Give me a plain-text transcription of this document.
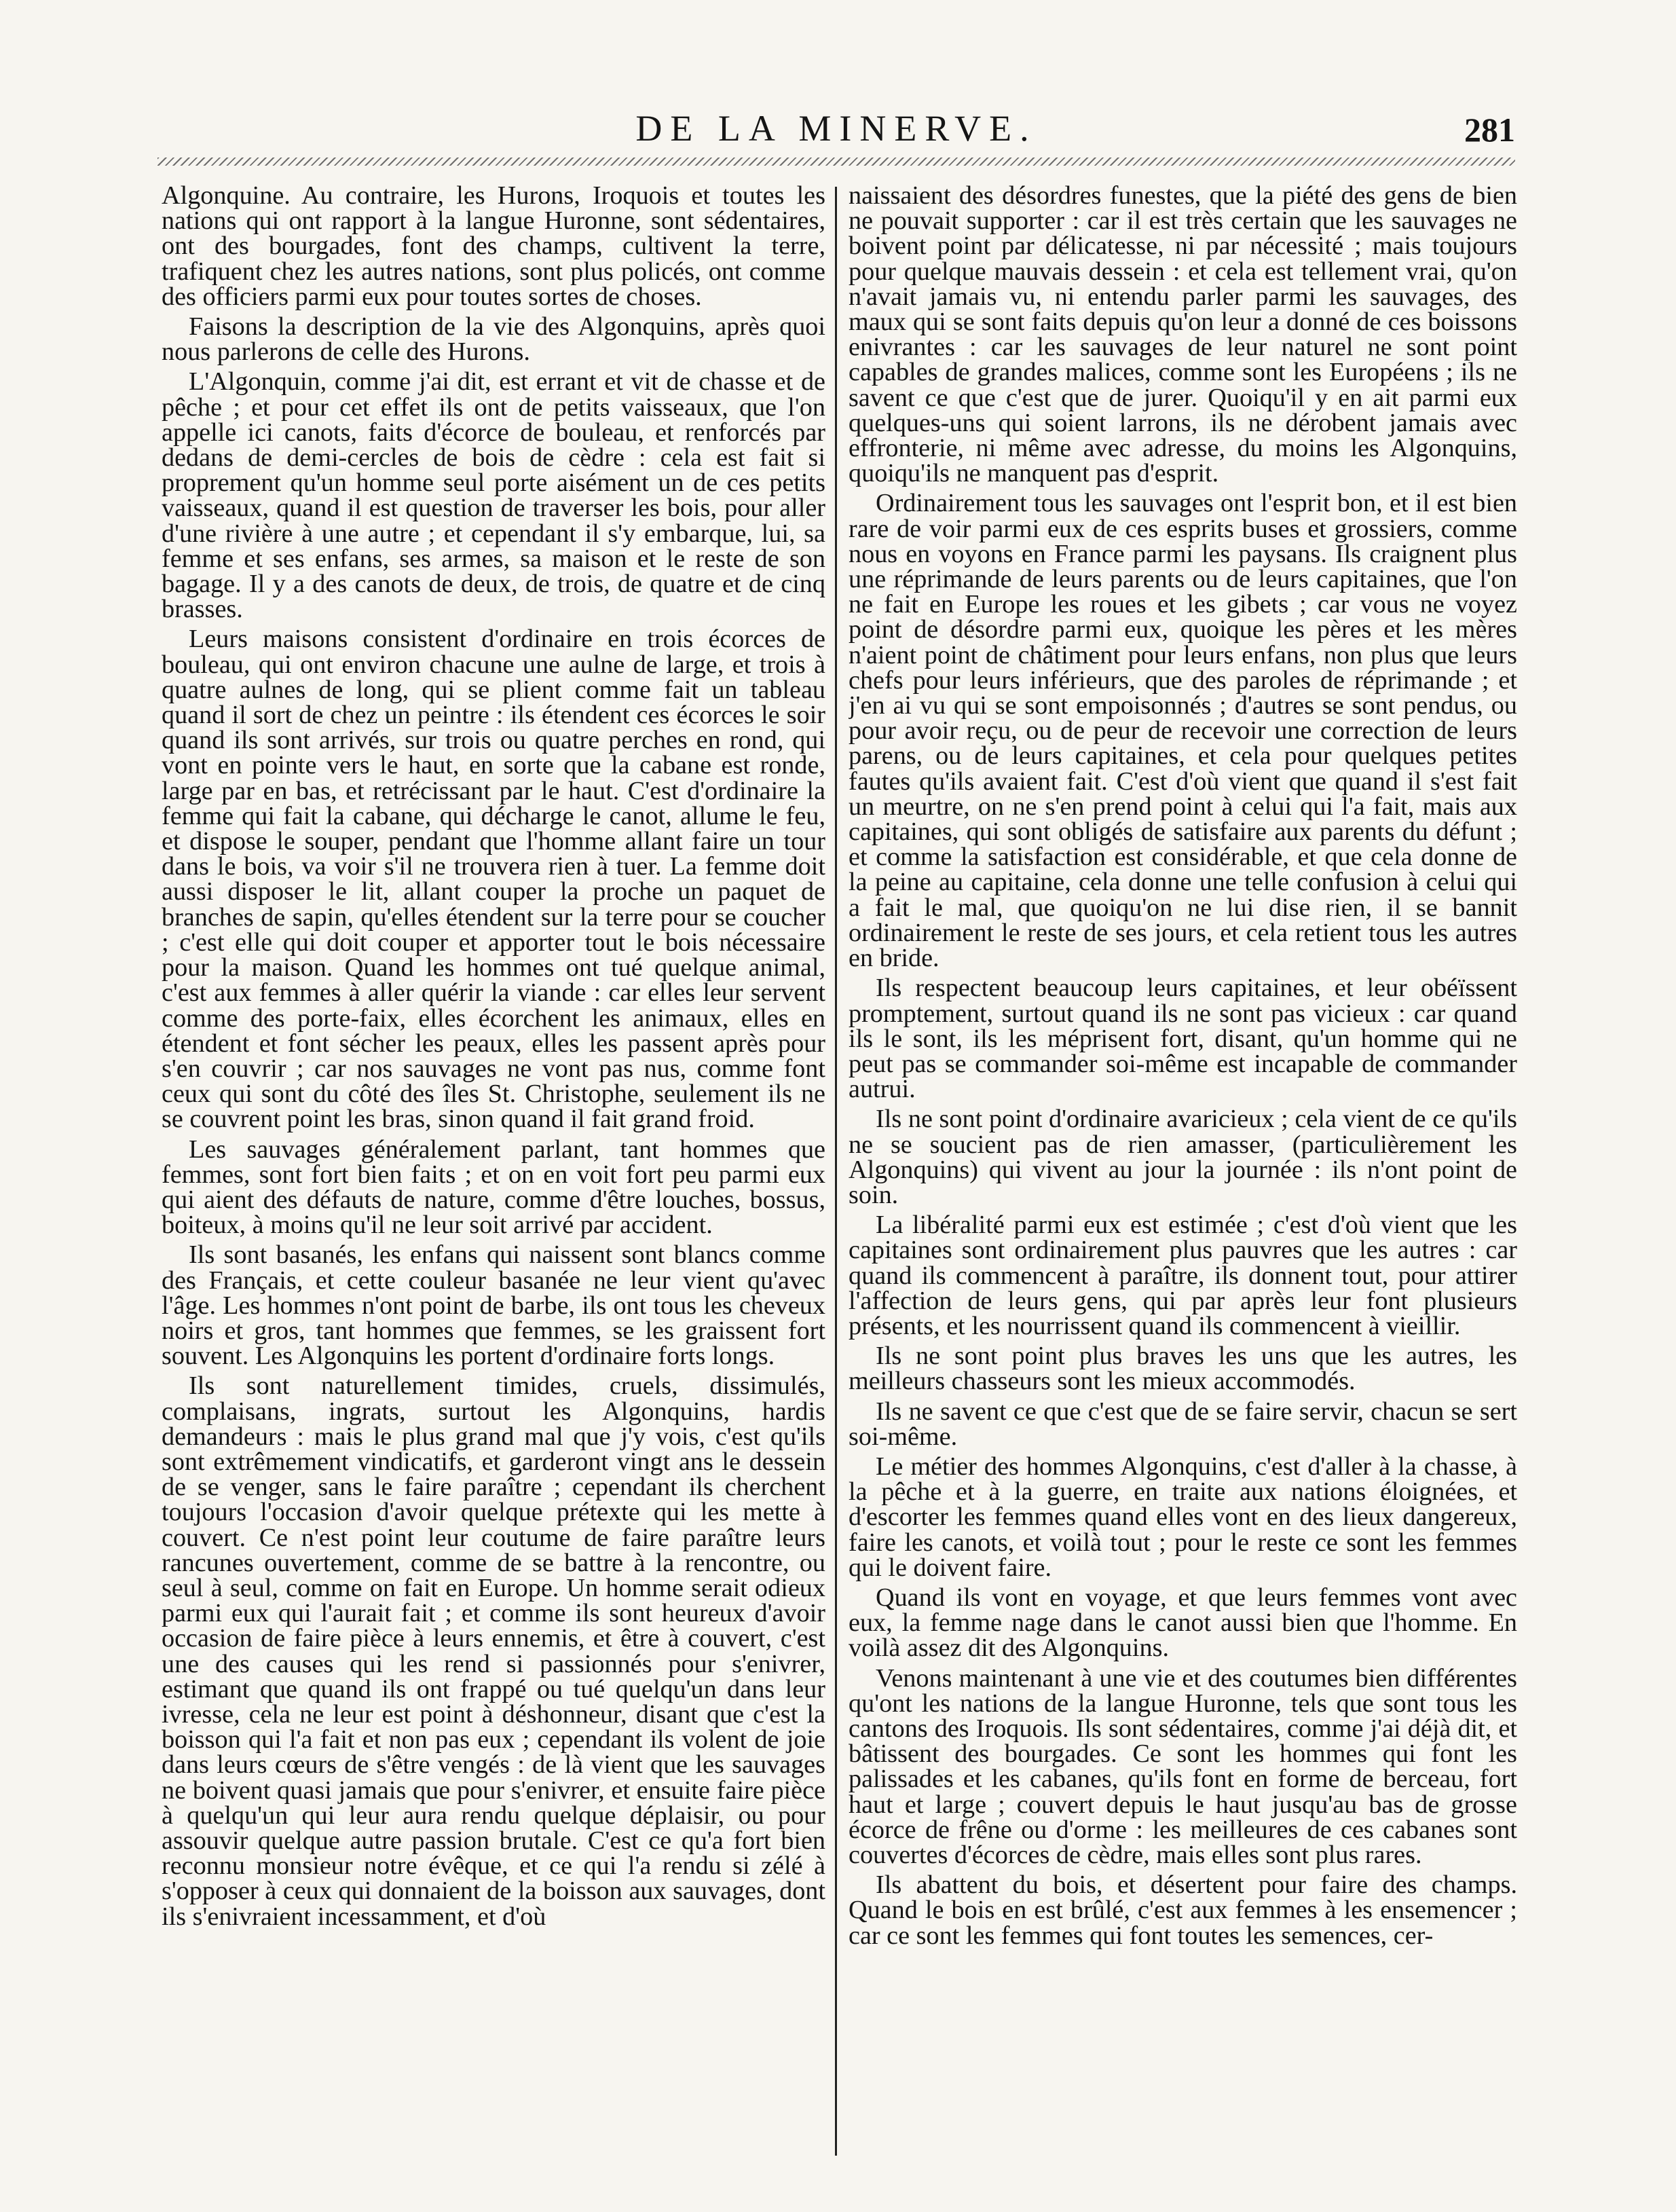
DE LA MINERVE.	281

Algonquine. Au contraire, les Hurons, Iroquois et toutes les nations qui ont rapport à la langue Huronne, sont sédentaires, ont des bourgades, font des champs, cultivent la terre, trafiquent chez les autres nations, sont plus policés, ont comme des officiers parmi eux pour toutes sortes de choses.

Faisons la description de la vie des Algonquins, après quoi nous parlerons de celle des Hurons.

L'Algonquin, comme j'ai dit, est errant et vit de chasse et de pêche ; et pour cet effet ils ont de petits vaisseaux, que l'on appelle ici canots, faits d'écorce de bouleau, et renforcés par dedans de demi-cercles de bois de cèdre : cela est fait si proprement qu'un homme seul porte aisément un de ces petits vaisseaux, quand il est question de traverser les bois, pour aller d'une rivière à une autre ; et cependant il s'y embarque, lui, sa femme et ses enfans, ses armes, sa maison et le reste de son bagage. Il y a des canots de deux, de trois, de quatre et de cinq brasses.

Leurs maisons consistent d'ordinaire en trois écorces de bouleau, qui ont environ chacune une aulne de large, et trois à quatre aulnes de long, qui se plient comme fait un tableau quand il sort de chez un peintre : ils étendent ces écorces le soir quand ils sont arrivés, sur trois ou quatre perches en rond, qui vont en pointe vers le haut, en sorte que la cabane est ronde, large par en bas, et retrécissant par le haut. C'est d'ordinaire la femme qui fait la cabane, qui décharge le canot, allume le feu, et dispose le souper, pendant que l'homme allant faire un tour dans le bois, va voir s'il ne trouvera rien à tuer. La femme doit aussi disposer le lit, allant couper la proche un paquet de branches de sapin, qu'elles étendent sur la terre pour se coucher ; c'est elle qui doit couper et apporter tout le bois nécessaire pour la maison. Quand les hommes ont tué quelque animal, c'est aux femmes à aller quérir la viande : car elles leur servent comme des porte-faix, elles écorchent les animaux, elles en étendent et font sécher les peaux, elles les passent après pour s'en couvrir ; car nos sauvages ne vont pas nus, comme font ceux qui sont du côté des îles St. Christophe, seulement ils ne se couvrent point les bras, sinon quand il fait grand froid.

Les sauvages généralement parlant, tant hommes que femmes, sont fort bien faits ; et on en voit fort peu parmi eux qui aient des défauts de nature, comme d'être louches, bossus, boiteux, à moins qu'il ne leur soit arrivé par accident.

Ils sont basanés, les enfans qui naissent sont blancs comme des Français, et cette couleur basanée ne leur vient qu'avec l'âge. Les hommes n'ont point de barbe, ils ont tous les cheveux noirs et gros, tant hommes que femmes, se les graissent fort souvent. Les Algonquins les portent d'ordinaire forts longs.

Ils sont naturellement timides, cruels, dissimulés, complaisans, ingrats, surtout les Algonquins, hardis demandeurs : mais le plus grand mal que j'y vois, c'est qu'ils sont extrêmement vindicatifs, et garderont vingt ans le dessein de se venger, sans le faire paraître ; cependant ils cherchent toujours l'occasion d'avoir quelque prétexte qui les mette à couvert. Ce n'est point leur coutume de faire paraître leurs rancunes ouvertement, comme de se battre à la rencontre, ou seul à seul, comme on fait en Europe. Un homme serait odieux parmi eux qui l'aurait fait ; et comme ils sont heureux d'avoir occasion de faire pièce à leurs ennemis, et être à couvert, c'est une des causes qui les rend si passionnés pour s'enivrer, estimant que quand ils ont frappé ou tué quelqu'un dans leur ivresse, cela ne leur est point à déshonneur, disant que c'est la boisson qui l'a fait et non pas eux ; cependant ils volent de joie dans leurs cœurs de s'être vengés : de là vient que les sauvages ne boivent quasi jamais que pour s'enivrer, et ensuite faire pièce à quelqu'un qui leur aura rendu quelque déplaisir, ou pour assouvir quelque autre passion brutale. C'est ce qu'a fort bien reconnu monsieur notre évêque, et ce qui l'a rendu si zélé à s'opposer à ceux qui donnaient de la boisson aux sauvages, dont ils s'enivraient incessamment, et d'où

naissaient des désordres funestes, que la piété des gens de bien ne pouvait supporter : car il est très certain que les sauvages ne boivent point par délicatesse, ni par nécessité ; mais toujours pour quelque mauvais dessein : et cela est tellement vrai, qu'on n'avait jamais vu, ni entendu parler parmi les sauvages, des maux qui se sont faits depuis qu'on leur a donné de ces boissons enivrantes : car les sauvages de leur naturel ne sont point capables de grandes malices, comme sont les Européens ; ils ne savent ce que c'est que de jurer. Quoiqu'il y en ait parmi eux quelques-uns qui soient larrons, ils ne dérobent jamais avec effronterie, ni même avec adresse, du moins les Algonquins, quoiqu'ils ne manquent pas d'esprit.

Ordinairement tous les sauvages ont l'esprit bon, et il est bien rare de voir parmi eux de ces esprits buses et grossiers, comme nous en voyons en France parmi les paysans. Ils craignent plus une réprimande de leurs parents ou de leurs capitaines, que l'on ne fait en Europe les roues et les gibets ; car vous ne voyez point de désordre parmi eux, quoique les pères et les mères n'aient point de châtiment pour leurs enfans, non plus que leurs chefs pour leurs inférieurs, que des paroles de réprimande ; et j'en ai vu qui se sont empoisonnés ; d'autres se sont pendus, ou pour avoir reçu, ou de peur de recevoir une correction de leurs parens, ou de leurs capitaines, et cela pour quelques petites fautes qu'ils avaient fait. C'est d'où vient que quand il s'est fait un meurtre, on ne s'en prend point à celui qui l'a fait, mais aux capitaines, qui sont obligés de satisfaire aux parents du défunt ; et comme la satisfaction est considérable, et que cela donne de la peine au capitaine, cela donne une telle confusion à celui qui a fait le mal, que quoiqu'on ne lui dise rien, il se bannit ordinairement le reste de ses jours, et cela retient tous les autres en bride.

Ils respectent beaucoup leurs capitaines, et leur obéïssent promptement, surtout quand ils ne sont pas vicieux : car quand ils le sont, ils les méprisent fort, disant, qu'un homme qui ne peut pas se commander soi-même est incapable de commander autrui.

Ils ne sont point d'ordinaire avaricieux ; cela vient de ce qu'ils ne se soucient pas de rien amasser, (particulièrement les Algonquins) qui vivent au jour la journée : ils n'ont point de soin.

La libéralité parmi eux est estimée ; c'est d'où vient que les capitaines sont ordinairement plus pauvres que les autres : car quand ils commencent à paraître, ils donnent tout, pour attirer l'affection de leurs gens, qui par après leur font plusieurs présents, et les nourrissent quand ils commencent à vieillir.

Ils ne sont point plus braves les uns que les autres, les meilleurs chasseurs sont les mieux accommodés.

Ils ne savent ce que c'est que de se faire servir, chacun se sert soi-même.

Le métier des hommes Algonquins, c'est d'aller à la chasse, à la pêche et à la guerre, en traite aux nations éloignées, et d'escorter les femmes quand elles vont en des lieux dangereux, faire les canots, et voilà tout ; pour le reste ce sont les femmes qui le doivent faire.

Quand ils vont en voyage, et que leurs femmes vont avec eux, la femme nage dans le canot aussi bien que l'homme. En voilà assez dit des Algonquins.

Venons maintenant à une vie et des coutumes bien différentes qu'ont les nations de la langue Huronne, tels que sont tous les cantons des Iroquois. Ils sont sédentaires, comme j'ai déjà dit, et bâtissent des bourgades. Ce sont les hommes qui font les palissades et les cabanes, qu'ils font en forme de berceau, fort haut et large ; couvert depuis le haut jusqu'au bas de grosse écorce de frêne ou d'orme : les meilleures de ces cabanes sont couvertes d'écorces de cèdre, mais elles sont plus rares.

Ils abattent du bois, et désertent pour faire des champs. Quand le bois en est brûlé, c'est aux femmes à les ensemencer ; car ce sont les femmes qui font toutes les semences, cer-
